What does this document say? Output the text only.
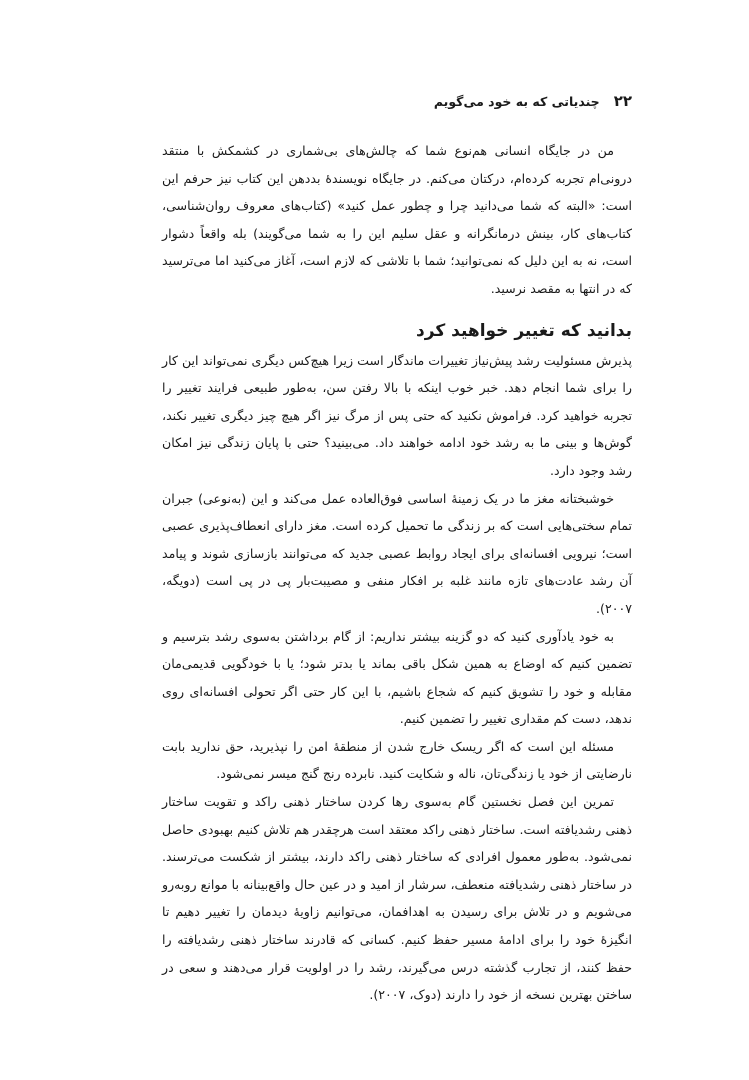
۲۲
چندیاتی که به خود می‌گویم

من در جایگاه انسانی هم‌نوع شما که چالش‌های بی‌شماری در کشمکش با منتقد درونی‌ام تجربه کرده‌ام، درکتان می‌کنم. در جایگاه نویسندهٔ بددهن این کتاب نیز حرفم این است: «البته که شما می‌دانید چرا و چطور عمل کنید» (کتاب‌های معروف روان‌شناسی، کتاب‌های کار، بینش درمانگرانه و عقل سلیم این را به شما می‌گویند) بله واقعاً دشوار است، نه به این دلیل که نمی‌توانید؛ شما با تلاشی که لازم است، آغاز می‌کنید اما می‌ترسید که در انتها به مقصد نرسید.

بدانید که تغییر خواهید کرد

پذیرش مسئولیت رشد پیش‌نیاز تغییرات ماندگار است زیرا هیچ‌کس دیگری نمی‌تواند این کار را برای شما انجام دهد. خبر خوب اینکه با بالا رفتن سن، به‌طور طبیعی فرایند تغییر را تجربه خواهید کرد. فراموش نکنید که حتی پس از مرگ نیز اگر هیچ چیز دیگری تغییر نکند، گوش‌ها و بینی ما به رشد خود ادامه خواهند داد. می‌بینید؟ حتی با پایان زندگی نیز امکان رشد وجود دارد.

خوشبختانه مغز ما در یک زمینهٔ اساسی فوق‌العاده عمل می‌کند و این (به‌نوعی) جبران تمام سختی‌هایی است که بر زندگی ما تحمیل کرده است. مغز دارای انعطاف‌پذیری عصبی است؛ نیرویی افسانه‌ای برای ایجاد روابط عصبی جدید که می‌توانند بازسازی شوند و پیامد آن رشد عادت‌های تازه مانند غلبه بر افکار منفی و مصیبت‌بار پی در پی است (دویگه، ۲۰۰۷).

به خود یادآوری کنید که دو گزینه بیشتر نداریم: از گام برداشتن به‌سوی رشد بترسیم و تضمین کنیم که اوضاع به همین شکل باقی بماند یا بدتر شود؛ یا با خودگویی قدیمی‌مان مقابله و خود را تشویق کنیم که شجاع باشیم، با این کار حتی اگر تحولی افسانه‌ای روی ندهد، دست کم مقداری تغییر را تضمین کنیم.

مسئله این است که اگر ریسک خارج شدن از منطقهٔ امن را نپذیرید، حق ندارید بابت نارضایتی از خود یا زندگی‌تان، ناله و شکایت کنید. نابرده رنج گنج میسر نمی‌شود.

تمرین این فصل نخستین گام به‌سوی رها کردن ساختار ذهنی راکد و تقویت ساختار ذهنی رشدیافته است. ساختار ذهنی راکد معتقد است هرچقدر هم تلاش کنیم بهبودی حاصل نمی‌شود. به‌طور معمول افرادی که ساختار ذهنی راکد دارند، بیشتر از شکست می‌ترسند. در ساختار ذهنی رشدیافته منعطف، سرشار از امید و در عین حال واقع‌بینانه با موانع روبه‌رو می‌شویم و در تلاش برای رسیدن به اهدافمان، می‌توانیم زاویهٔ دیدمان را تغییر دهیم تا انگیزهٔ خود را برای ادامهٔ مسیر حفظ کنیم. کسانی که قادرند ساختار ذهنی رشدیافته را حفظ کنند، از تجارب گذشته درس می‌گیرند، رشد را در اولویت قرار می‌دهند و سعی در ساختن بهترین نسخه از خود را دارند (دوک، ۲۰۰۷).
